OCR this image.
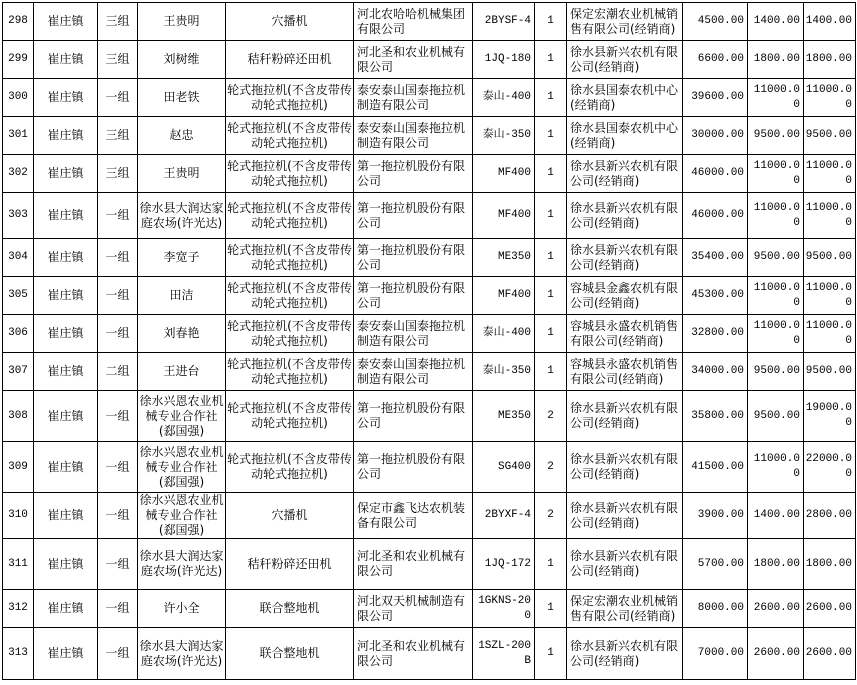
298	崔庄镇	三组	王贵明	穴播机	河北农哈哈机械集团有限公司	2BYSF-4	1	保定宏潮农业机械销售有限公司(经销商)	4500.00	1400.00	1400.00
299	崔庄镇	三组	刘树维	秸秆粉碎还田机	河北圣和农业机械有限公司	1JQ-180	1	徐水县新兴农机有限公司(经销商)	6600.00	1800.00	1800.00
300	崔庄镇	一组	田老铁	轮式拖拉机(不含皮带传动轮式拖拉机)	泰安泰山国泰拖拉机制造有限公司	泰山-400	1	徐水县国泰农机中心(经销商)	39600.00	11000.00	11000.00
301	崔庄镇	三组	赵忠	轮式拖拉机(不含皮带传动轮式拖拉机)	泰安泰山国泰拖拉机制造有限公司	泰山-350	1	徐水县国泰农机中心(经销商)	30000.00	9500.00	9500.00
302	崔庄镇	三组	王贵明	轮式拖拉机(不含皮带传动轮式拖拉机)	第一拖拉机股份有限公司	MF400	1	徐水县新兴农机有限公司(经销商)	46000.00	11000.00	11000.00
303	崔庄镇	一组	徐水县大润达家庭农场(许光达)	轮式拖拉机(不含皮带传动轮式拖拉机)	第一拖拉机股份有限公司	MF400	1	徐水县新兴农机有限公司(经销商)	46000.00	11000.00	11000.00
304	崔庄镇	一组	李宽子	轮式拖拉机(不含皮带传动轮式拖拉机)	第一拖拉机股份有限公司	ME350	1	徐水县新兴农机有限公司(经销商)	35400.00	9500.00	9500.00
305	崔庄镇	一组	田洁	轮式拖拉机(不含皮带传动轮式拖拉机)	第一拖拉机股份有限公司	MF400	1	容城县金鑫农机有限公司(经销商)	45300.00	11000.00	11000.00
306	崔庄镇	一组	刘春艳	轮式拖拉机(不含皮带传动轮式拖拉机)	泰安泰山国泰拖拉机制造有限公司	泰山-400	1	容城县永盛农机销售有限公司(经销商)	32800.00	11000.00	11000.00
307	崔庄镇	二组	王进台	轮式拖拉机(不含皮带传动轮式拖拉机)	泰安泰山国泰拖拉机制造有限公司	泰山-350	1	容城县永盛农机销售有限公司(经销商)	34000.00	9500.00	9500.00
308	崔庄镇	一组	徐水兴恩农业机械专业合作社(郄国强)	轮式拖拉机(不含皮带传动轮式拖拉机)	第一拖拉机股份有限公司	ME350	2	徐水县新兴农机有限公司(经销商)	35800.00	9500.00	19000.00
309	崔庄镇	一组	徐水兴恩农业机械专业合作社(郄国强)	轮式拖拉机(不含皮带传动轮式拖拉机)	第一拖拉机股份有限公司	SG400	2	徐水县新兴农机有限公司(经销商)	41500.00	11000.00	22000.00
310	崔庄镇	一组	徐水兴恩农业机械专业合作社(郄国强)	穴播机	保定市鑫飞达农机装备有限公司	2BYXF-4	2	徐水县新兴农机有限公司(经销商)	3900.00	1400.00	2800.00
311	崔庄镇	一组	徐水县大润达家庭农场(许光达)	秸秆粉碎还田机	河北圣和农业机械有限公司	1JQ-172	1	徐水县新兴农机有限公司(经销商)	5700.00	1800.00	1800.00
312	崔庄镇	一组	许小全	联合整地机	河北双天机械制造有限公司	1GKNS-200	1	保定宏潮农业机械销售有限公司(经销商)	8000.00	2600.00	2600.00
313	崔庄镇	一组	徐水县大润达家庭农场(许光达)	联合整地机	河北圣和农业机械有限公司	1SZL-200B	1	徐水县新兴农机有限公司(经销商)	7000.00	2600.00	2600.00
